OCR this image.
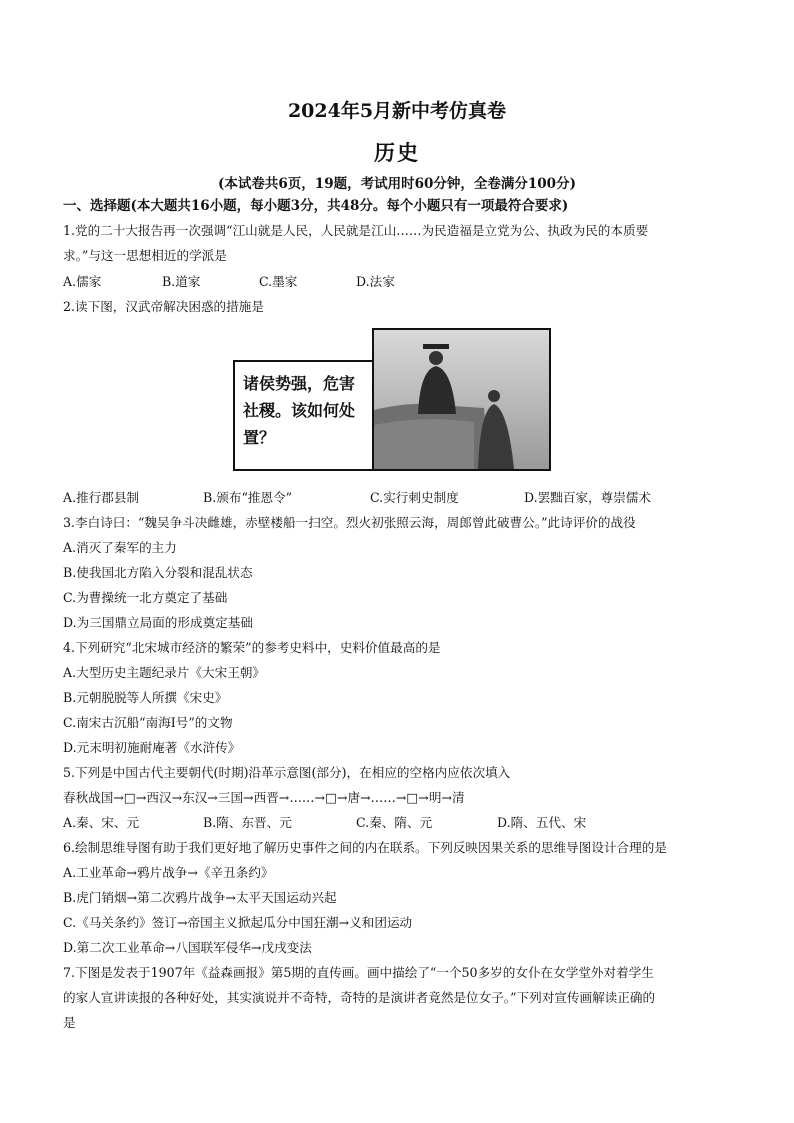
2024年5月新中考仿真卷
历史
(本试卷共6页，19题，考试用时60分钟，全卷满分100分)
一、选择题(本大题共16小题，每小题3分，共48分。每个小题只有一项最符合要求)
1.党的二十大报告再一次强调“江山就是人民，人民就是江山……为民造福是立党为公、执政为民的本质要
求。”与这一思想相近的学派是
A.儒家	B.道家	C.墨家	D.法家
2.读下图，汉武帝解决困惑的措施是
诸侯势强，危害社稷。该如何处置？
A.推行郡县制	B.颁布“推恩令”	C.实行刺史制度	D.罢黜百家，尊崇儒术
3.李白诗曰：“魏吴争斗决雌雄，赤壁楼船一扫空。烈火初张照云海，周郎曾此破曹公。”此诗评价的战役
A.消灭了秦军的主力
B.使我国北方陷入分裂和混乱状态
C.为曹操统一北方奠定了基础
D.为三国鼎立局面的形成奠定基础
4.下列研究“北宋城市经济的繁荣”的参考史料中，史料价值最高的是
A.大型历史主题纪录片《大宋王朝》
B.元朝脱脱等人所撰《宋史》
C.南宋古沉船“南海I号”的文物
D.元末明初施耐庵著《水浒传》
5.下列是中国古代主要朝代(时期)沿革示意图(部分)，在相应的空格内应依次填入
春秋战国→□→西汉→东汉→三国→西晋→……→□→唐→……→□→明→清
A.秦、宋、元	B.隋、东晋、元	C.秦、隋、元	D.隋、五代、宋
6.绘制思维导图有助于我们更好地了解历史事件之间的内在联系。下列反映因果关系的思维导图设计合理的是
A.工业革命→鸦片战争→《辛丑条约》
B.虎门销烟→第二次鸦片战争→太平天国运动兴起
C.《马关条约》签订→帝国主义掀起瓜分中国狂潮→义和团运动
D.第二次工业革命→八国联军侵华→戊戌变法
7.下图是发表于1907年《益森画报》第5期的直传画。画中描绘了“一个50多岁的女仆在女学堂外对着学生
的家人宣讲读报的各种好处，其实演说并不奇特，奇特的是演讲者竟然是位女子。”下列对宣传画解读正确的
是
